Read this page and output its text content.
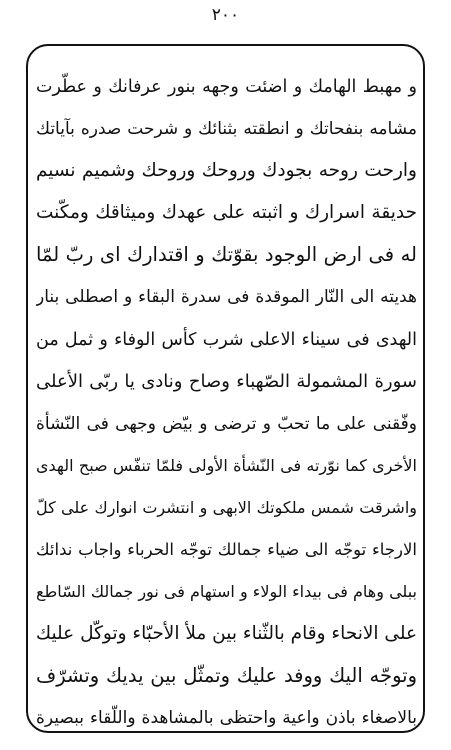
۲۰۰
و مهبط الهامك و اضئت وجهه بنور عرفانك و عطّرت
مشامه بنفحاتك و انطقته بثنائك و شرحت صدره بآياتك
وارحت روحه بجودك وروحك وروحك وشميم نسيم
حديقة اسرارك و اثبته على عهدك وميثاقك ومكّنت
له فى ارض الوجود بقوّتك و اقتدارك اى ربّ لمّا
هديته الى النّار الموقدة فى سدرة البقاء و اصطلى بنار
الهدى فى سيناء الاعلى شرب كأس الوفاء و ثمل من
سورة المشمولة الصّهباء وصاح ونادى يا ربّى الأعلى
وفّقنى على ما تحبّ و ترضى و بيّض وجهى فى النّشأة
الأخرى كما نوّرته فى النّشأة الأولى فلمّا تنفّس صبح الهدى
واشرقت شمس ملكوتك الابهى و انتشرت انوارك على كلّ
الارجاء توجّه الى ضياء جمالك توجّه الحرباء واجاب ندائك
ببلى وهام فى بيداء الولاء و استهام فى نور جمالك السّاطع
على الانحاء وقام بالثّناء بين ملأ الأحبّاء وتوكّل عليك
وتوجّه اليك ووفد عليك وتمثّل بين يديك وتشرّف
بالاصغاء باذن واعية واحتظى بالمشاهدة واللّقاء ببصيرة
